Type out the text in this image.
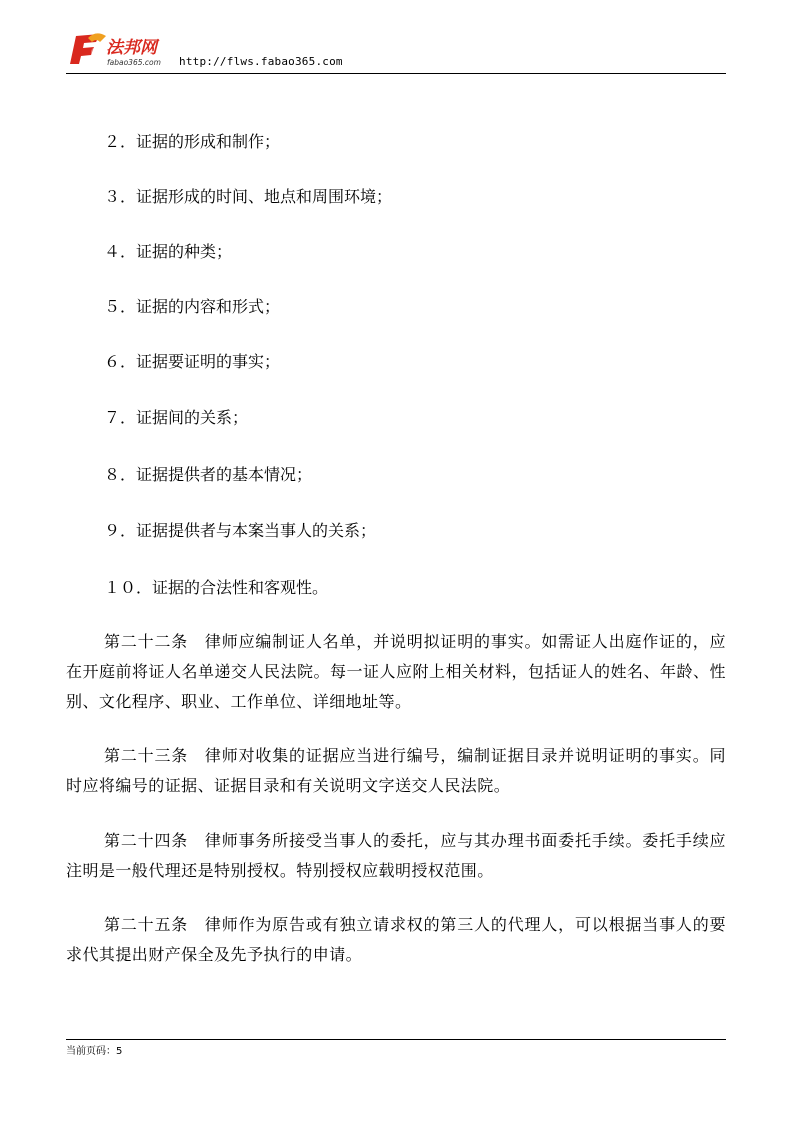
法邦网
fabao365.com http://flws.fabao365.com
２．证据的形成和制作；
３．证据形成的时间、地点和周围环境；
４．证据的种类；
５．证据的内容和形式；
６．证据要证明的事实；
７．证据间的关系；
８．证据提供者的基本情况；
９．证据提供者与本案当事人的关系；
１０．证据的合法性和客观性。
第二十二条　律师应编制证人名单，并说明拟证明的事实。如需证人出庭作证的，应在开庭前将证人名单递交人民法院。每一证人应附上相关材料，包括证人的姓名、年龄、性别、文化程序、职业、工作单位、详细地址等。
第二十三条　律师对收集的证据应当进行编号，编制证据目录并说明证明的事实。同时应将编号的证据、证据目录和有关说明文字送交人民法院。
第二十四条　律师事务所接受当事人的委托，应与其办理书面委托手续。委托手续应注明是一般代理还是特别授权。特别授权应载明授权范围。
第二十五条　律师作为原告或有独立请求权的第三人的代理人，可以根据当事人的要求代其提出财产保全及先予执行的申请。
当前页码：5
